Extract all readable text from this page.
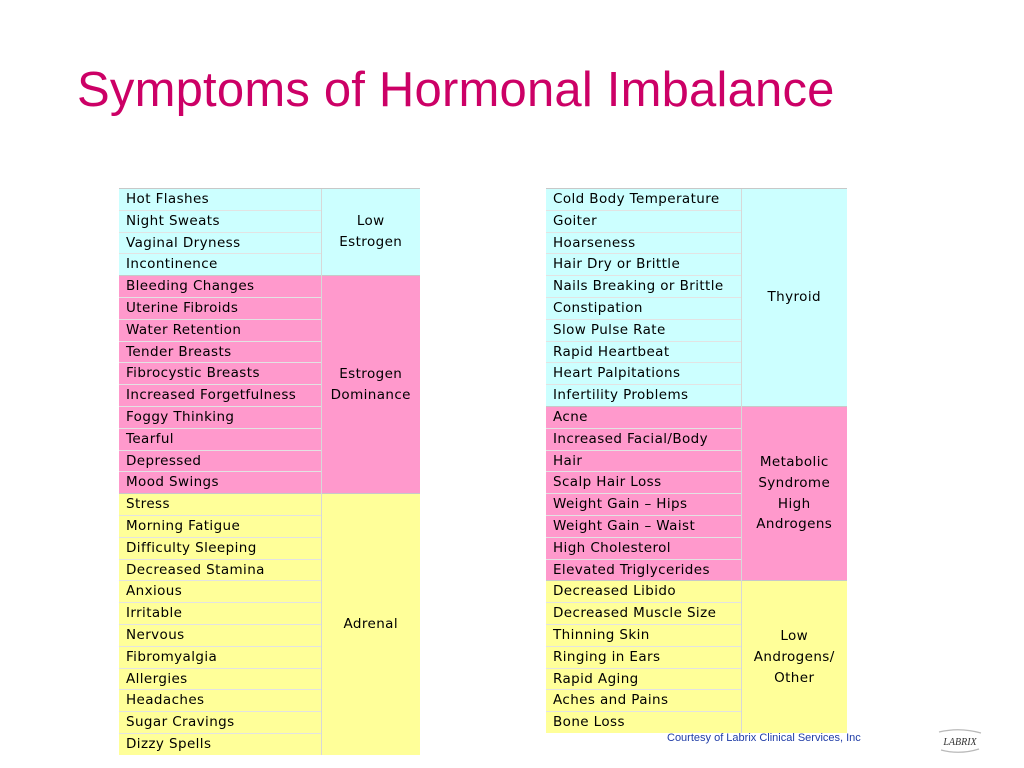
Symptoms of Hormonal Imbalance
Hot Flashes	Low
Estrogen

Night Sweats	
Vaginal Dryness	
Incontinence	
Bleeding Changes	Estrogen
Dominance

Uterine Fibroids	
Water Retention	
Tender Breasts	
Fibrocystic Breasts	
Increased Forgetfulness	
Foggy Thinking	
Tearful	
Depressed	
Mood Swings	
Stress	Adrenal

Morning Fatigue	
Difficulty Sleeping	
Decreased Stamina	
Anxious	
Irritable	
Nervous	
Fibromyalgia	
Allergies	
Headaches	
Sugar Cravings	
Dizzy Spells	
Cold Body Temperature	Thyroid

Goiter	
Hoarseness	
Hair Dry or Brittle	
Nails Breaking or Brittle	
Constipation	
Slow Pulse Rate	
Rapid Heartbeat	
Heart Palpitations	
Infertility Problems	
Acne	Metabolic
Syndrome
High
Androgens

Increased Facial/Body	
Hair	
Scalp Hair Loss	
Weight Gain – Hips	
Weight Gain – Waist	
High Cholesterol	
Elevated Triglycerides	
Decreased Libido	Low
Androgens/
Other

Decreased Muscle Size	
Thinning Skin	
Ringing in Ears	
Rapid Aging	
Aches and Pains	
Bone Loss	
Courtesy of Labrix Clinical Services, Inc	LABRIX
